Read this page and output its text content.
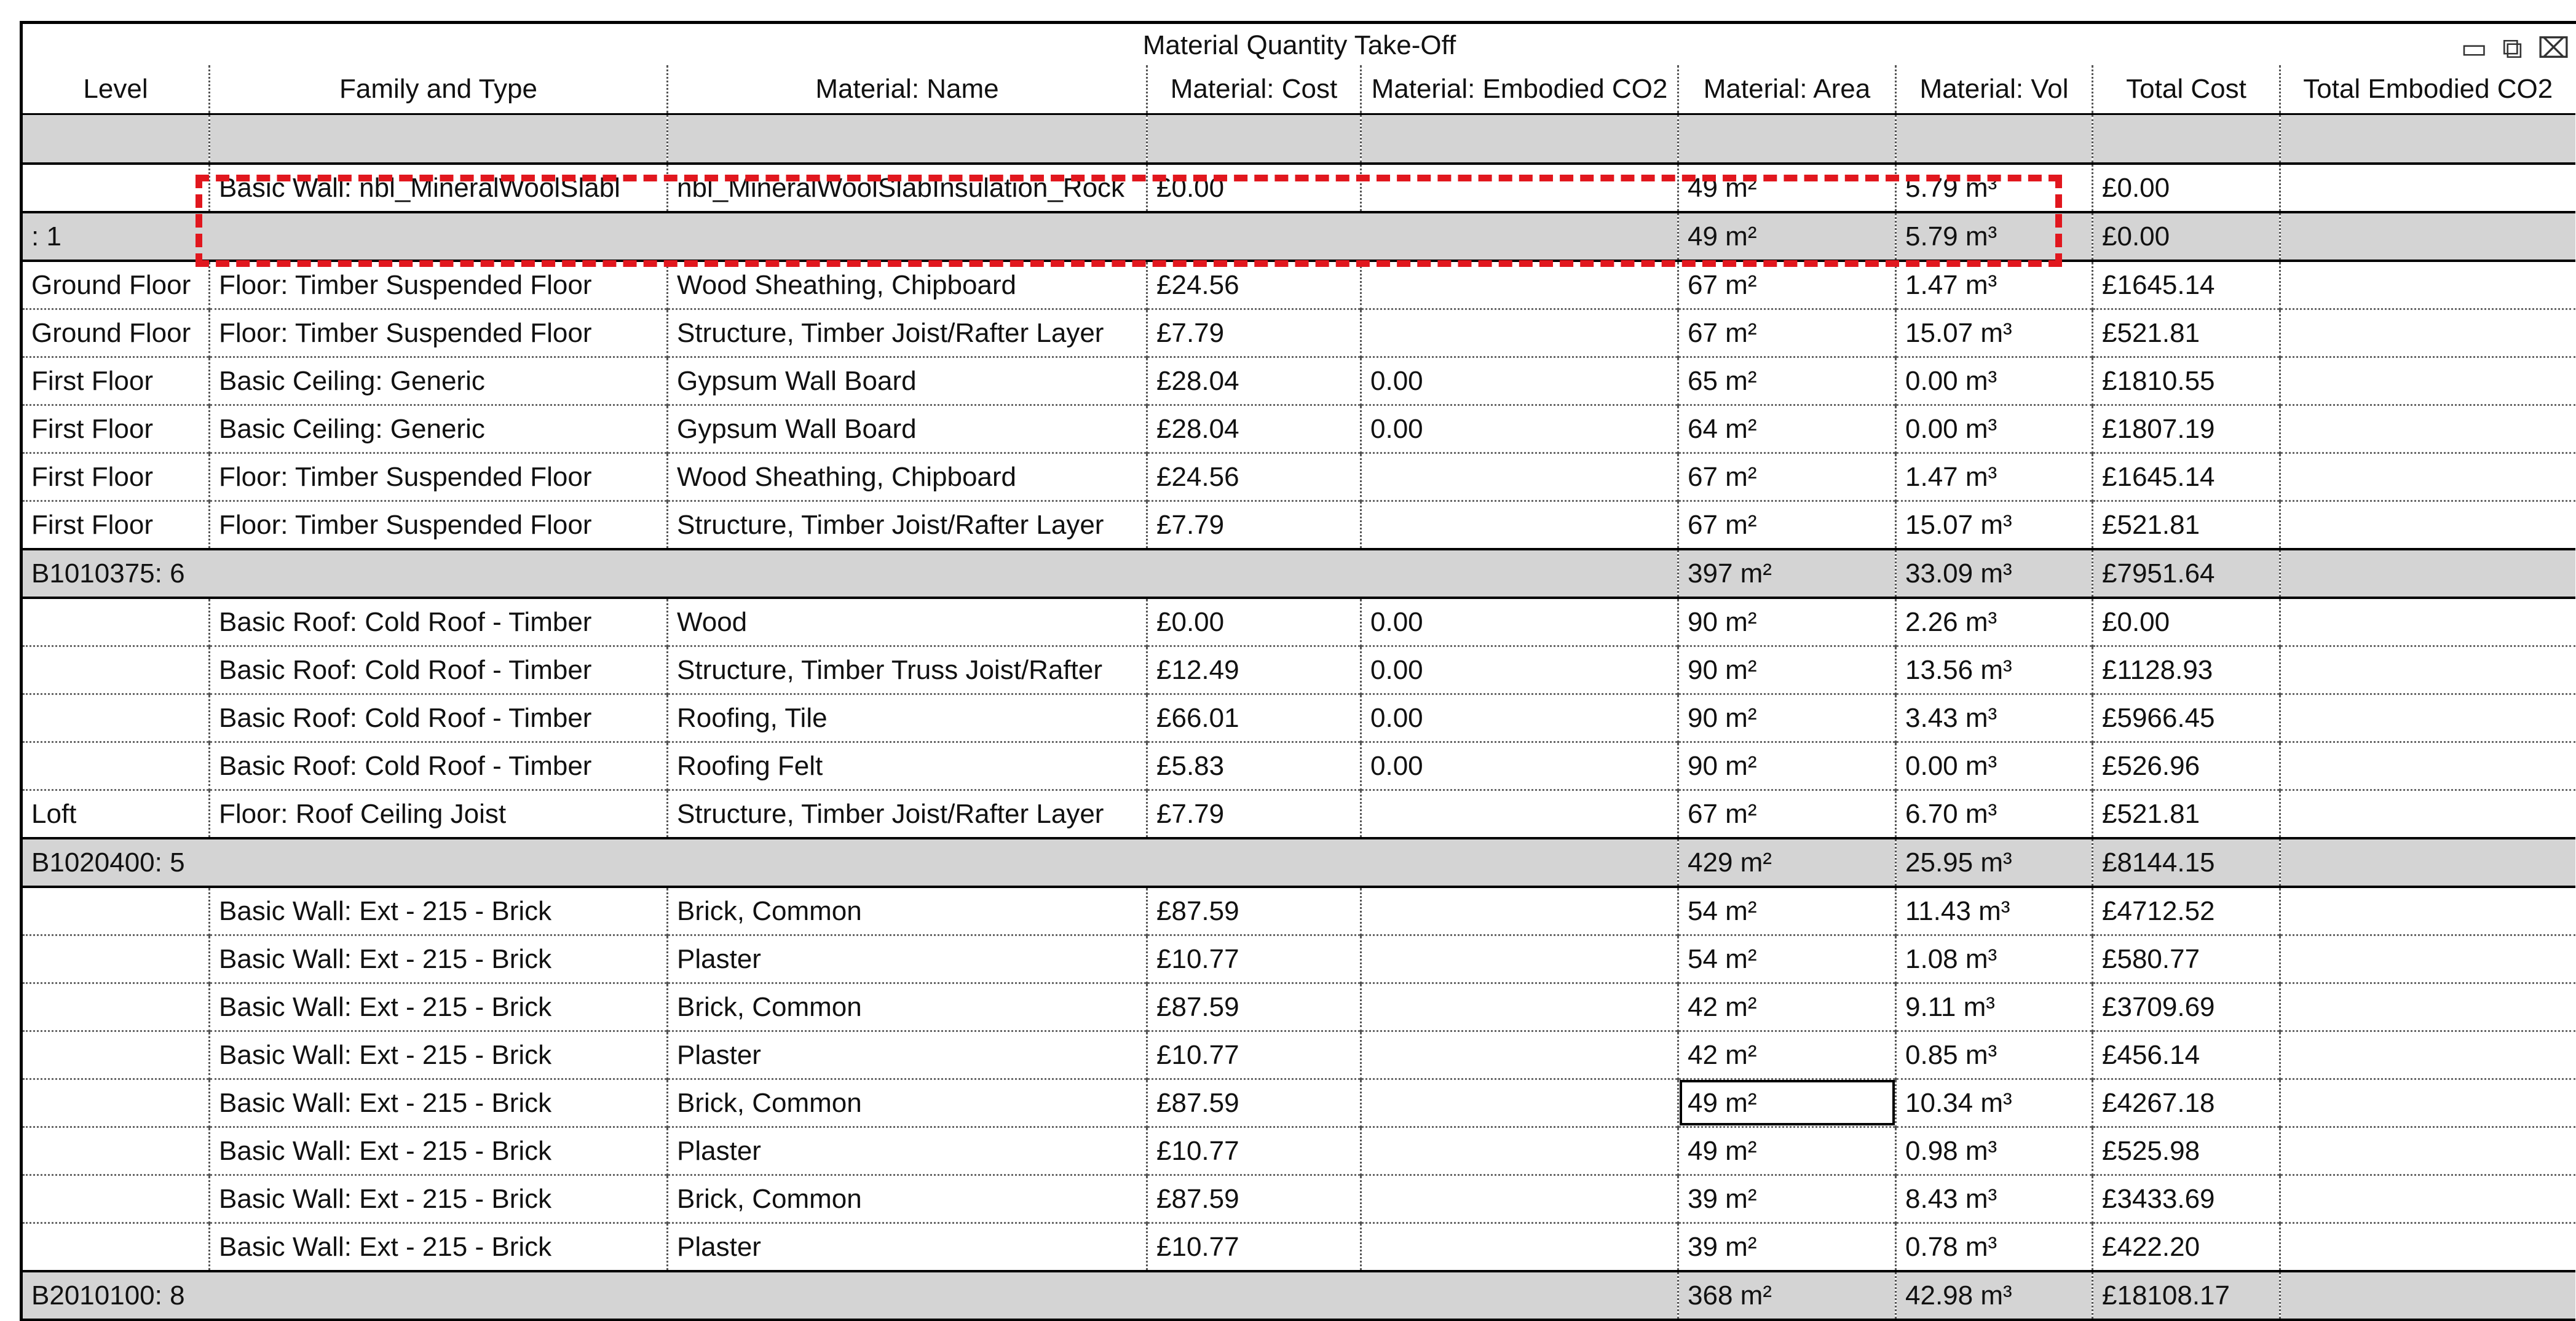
Material Quantity Take-Off	▭ ⧉ ⌧
Level	Family and Type	Material: Name	Material: Cost	Material: Embodied CO2	Material: Area	Material: Vol	Total Cost	Total Embodied CO2

	Basic Wall: nbl_MineralWoolSlabl	nbl_MineralWoolSlabInsulation_Rock	£0.00		49 m²	5.79 m³	£0.00	
: 1					49 m²	5.79 m³	£0.00	
Ground Floor	Floor: Timber Suspended Floor	Wood Sheathing, Chipboard	£24.56		67 m²	1.47 m³	£1645.14	
Ground Floor	Floor: Timber Suspended Floor	Structure, Timber Joist/Rafter Layer	£7.79		67 m²	15.07 m³	£521.81	
First Floor	Basic Ceiling: Generic	Gypsum Wall Board	£28.04	0.00	65 m²	0.00 m³	£1810.55	
First Floor	Basic Ceiling: Generic	Gypsum Wall Board	£28.04	0.00	64 m²	0.00 m³	£1807.19	
First Floor	Floor: Timber Suspended Floor	Wood Sheathing, Chipboard	£24.56		67 m²	1.47 m³	£1645.14	
First Floor	Floor: Timber Suspended Floor	Structure, Timber Joist/Rafter Layer	£7.79		67 m²	15.07 m³	£521.81	
B1010375: 6					397 m²	33.09 m³	£7951.64	
	Basic Roof: Cold Roof - Timber	Wood	£0.00	0.00	90 m²	2.26 m³	£0.00	
	Basic Roof: Cold Roof - Timber	Structure, Timber Truss Joist/Rafter	£12.49	0.00	90 m²	13.56 m³	£1128.93	
	Basic Roof: Cold Roof - Timber	Roofing, Tile	£66.01	0.00	90 m²	3.43 m³	£5966.45	
	Basic Roof: Cold Roof - Timber	Roofing Felt	£5.83	0.00	90 m²	0.00 m³	£526.96	
Loft	Floor: Roof Ceiling Joist	Structure, Timber Joist/Rafter Layer	£7.79		67 m²	6.70 m³	£521.81	
B1020400: 5					429 m²	25.95 m³	£8144.15	
	Basic Wall: Ext - 215 - Brick	Brick, Common	£87.59		54 m²	11.43 m³	£4712.52	
	Basic Wall: Ext - 215 - Brick	Plaster	£10.77		54 m²	1.08 m³	£580.77	
	Basic Wall: Ext - 215 - Brick	Brick, Common	£87.59		42 m²	9.11 m³	£3709.69	
	Basic Wall: Ext - 215 - Brick	Plaster	£10.77		42 m²	0.85 m³	£456.14	
	Basic Wall: Ext - 215 - Brick	Brick, Common	£87.59		49 m²	10.34 m³	£4267.18	
	Basic Wall: Ext - 215 - Brick	Plaster	£10.77		49 m²	0.98 m³	£525.98	
	Basic Wall: Ext - 215 - Brick	Brick, Common	£87.59		39 m²	8.43 m³	£3433.69	
	Basic Wall: Ext - 215 - Brick	Plaster	£10.77		39 m²	0.78 m³	£422.20	
B2010100: 8					368 m²	42.98 m³	£18108.17	
